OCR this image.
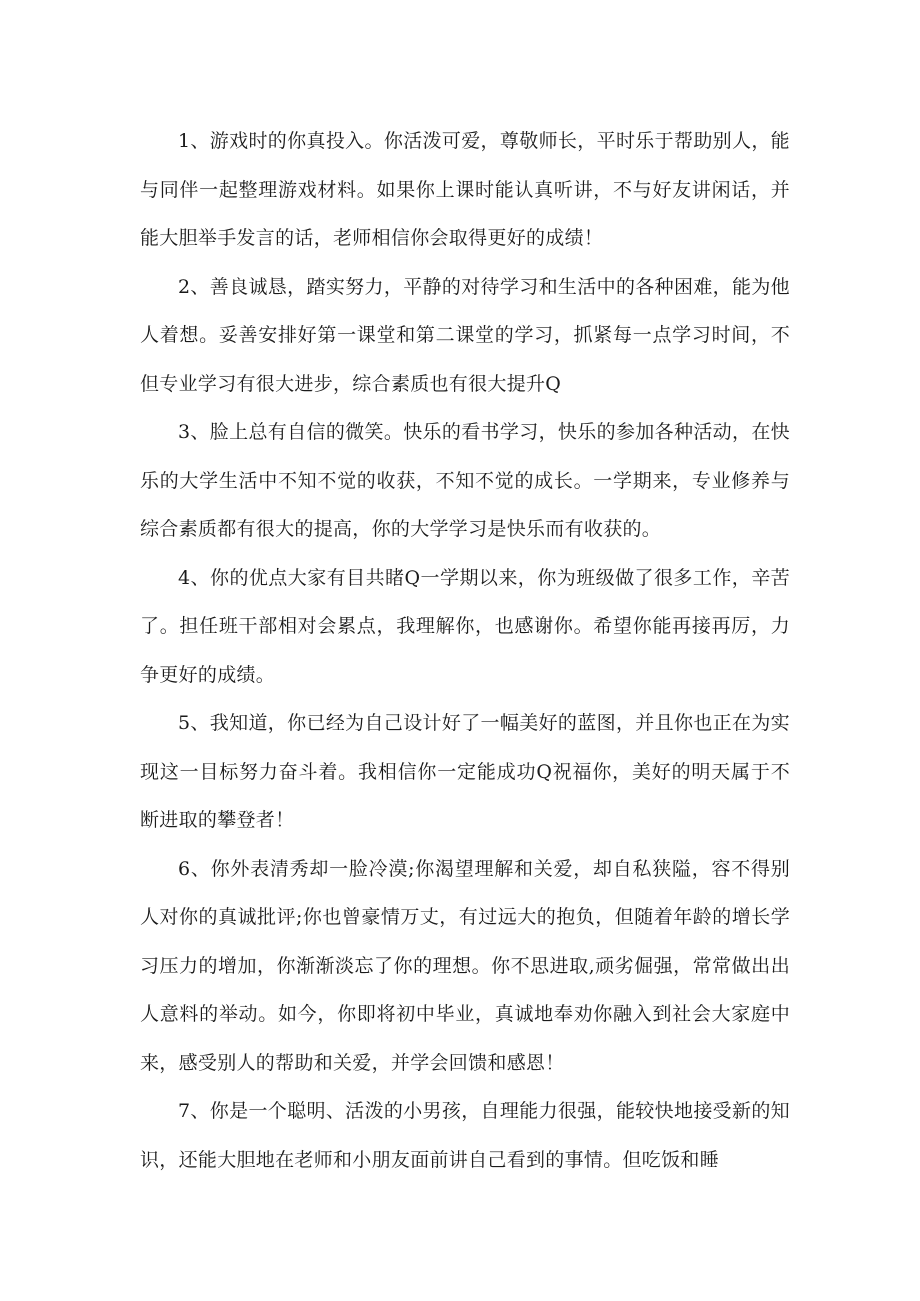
1、游戏时的你真投入。你活泼可爱，尊敬师长，平时乐于帮助别人，能与同伴一起整理游戏材料。如果你上课时能认真听讲，不与好友讲闲话，并能大胆举手发言的话，老师相信你会取得更好的成绩！

2、善良诚恳，踏实努力，平静的对待学习和生活中的各种困难，能为他人着想。妥善安排好第一课堂和第二课堂的学习，抓紧每一点学习时间，不但专业学习有很大进步，综合素质也有很大提升Q

3、脸上总有自信的微笑。快乐的看书学习，快乐的参加各种活动，在快乐的大学生活中不知不觉的收获，不知不觉的成长。一学期来，专业修养与综合素质都有很大的提高，你的大学学习是快乐而有收获的。

4、你的优点大家有目共睹Q一学期以来，你为班级做了很多工作，辛苦了。担任班干部相对会累点，我理解你，也感谢你。希望你能再接再厉，力争更好的成绩。

5、我知道，你已经为自己设计好了一幅美好的蓝图，并且你也正在为实现这一目标努力奋斗着。我相信你一定能成功Q祝福你，美好的明天属于不断进取的攀登者！

6、你外表清秀却一脸冷漠;你渴望理解和关爱，却自私狭隘，容不得别人对你的真诚批评;你也曾豪情万丈，有过远大的抱负，但随着年龄的增长学习压力的增加，你渐渐淡忘了你的理想。你不思进取,顽劣倔强，常常做出出人意料的举动。如今，你即将初中毕业，真诚地奉劝你融入到社会大家庭中来，感受别人的帮助和关爱，并学会回馈和感恩！

7、你是一个聪明、活泼的小男孩，自理能力很强，能较快地接受新的知识，还能大胆地在老师和小朋友面前讲自己看到的事情。但吃饭和睡
